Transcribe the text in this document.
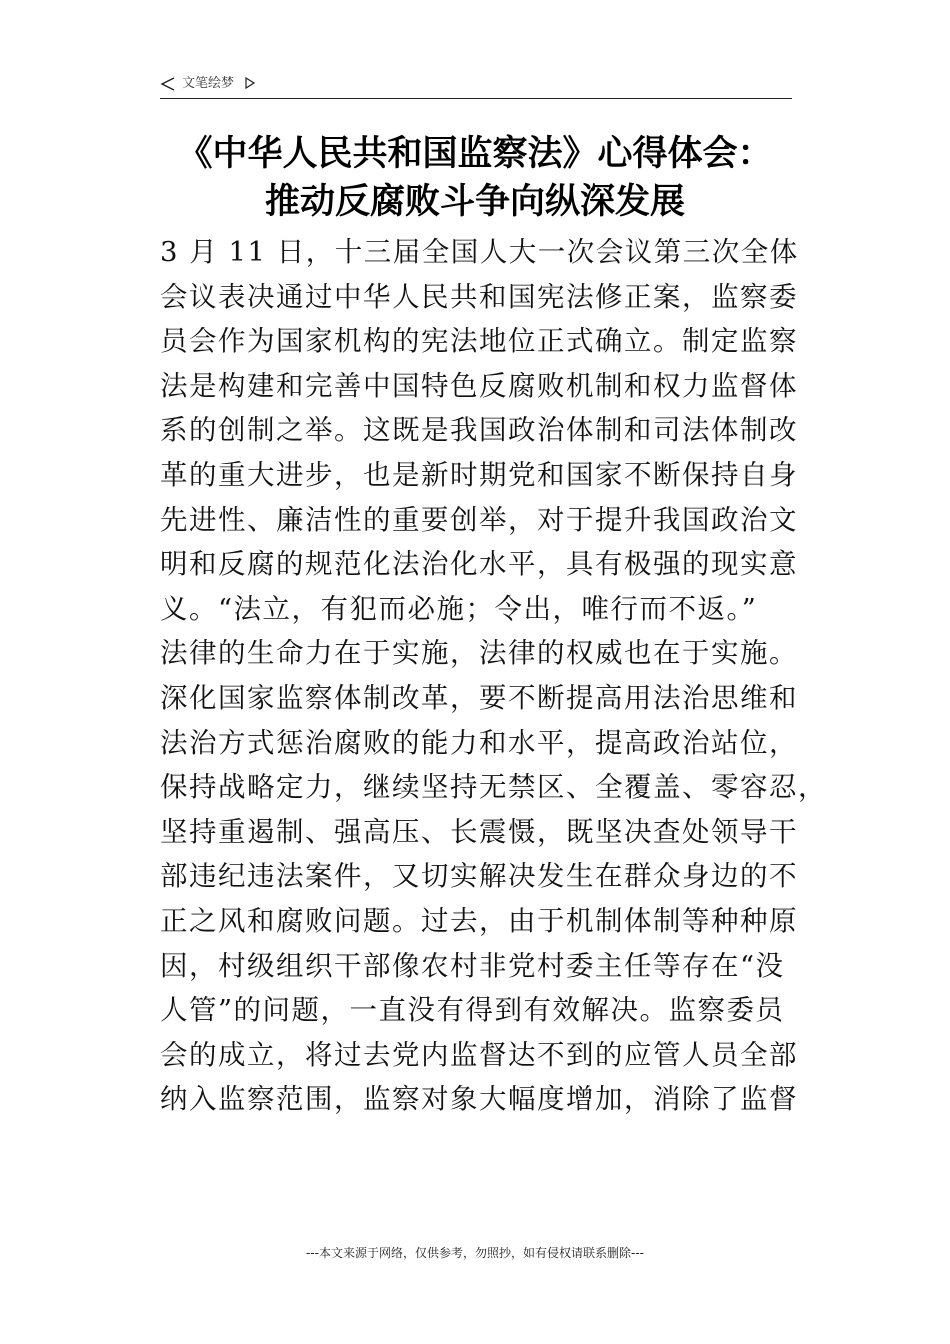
文笔绘梦
《中华人民共和国监察法》心得体会：
推动反腐败斗争向纵深发展
3 月 11 日，十三届全国人大一次会议第三次全体
会议表决通过中华人民共和国宪法修正案，监察委
员会作为国家机构的宪法地位正式确立。制定监察
法是构建和完善中国特色反腐败机制和权力监督体
系的创制之举。这既是我国政治体制和司法体制改
革的重大进步，也是新时期党和国家不断保持自身
先进性、廉洁性的重要创举，对于提升我国政治文
明和反腐的规范化法治化水平，具有极强的现实意
义。“法立，有犯而必施；令出，唯行而不返。”
法律的生命力在于实施，法律的权威也在于实施。
深化国家监察体制改革，要不断提高用法治思维和
法治方式惩治腐败的能力和水平，提高政治站位，
保持战略定力，继续坚持无禁区、全覆盖、零容忍，
坚持重遏制、强高压、长震慑，既坚决查处领导干
部违纪违法案件，又切实解决发生在群众身边的不
正之风和腐败问题。过去，由于机制体制等种种原
因，村级组织干部像农村非党村委主任等存在“没
人管”的问题，一直没有得到有效解决。监察委员
会的成立，将过去党内监督达不到的应管人员全部
纳入监察范围，监察对象大幅度增加，消除了监督
---本文来源于网络，仅供参考，勿照抄，如有侵权请联系删除---
